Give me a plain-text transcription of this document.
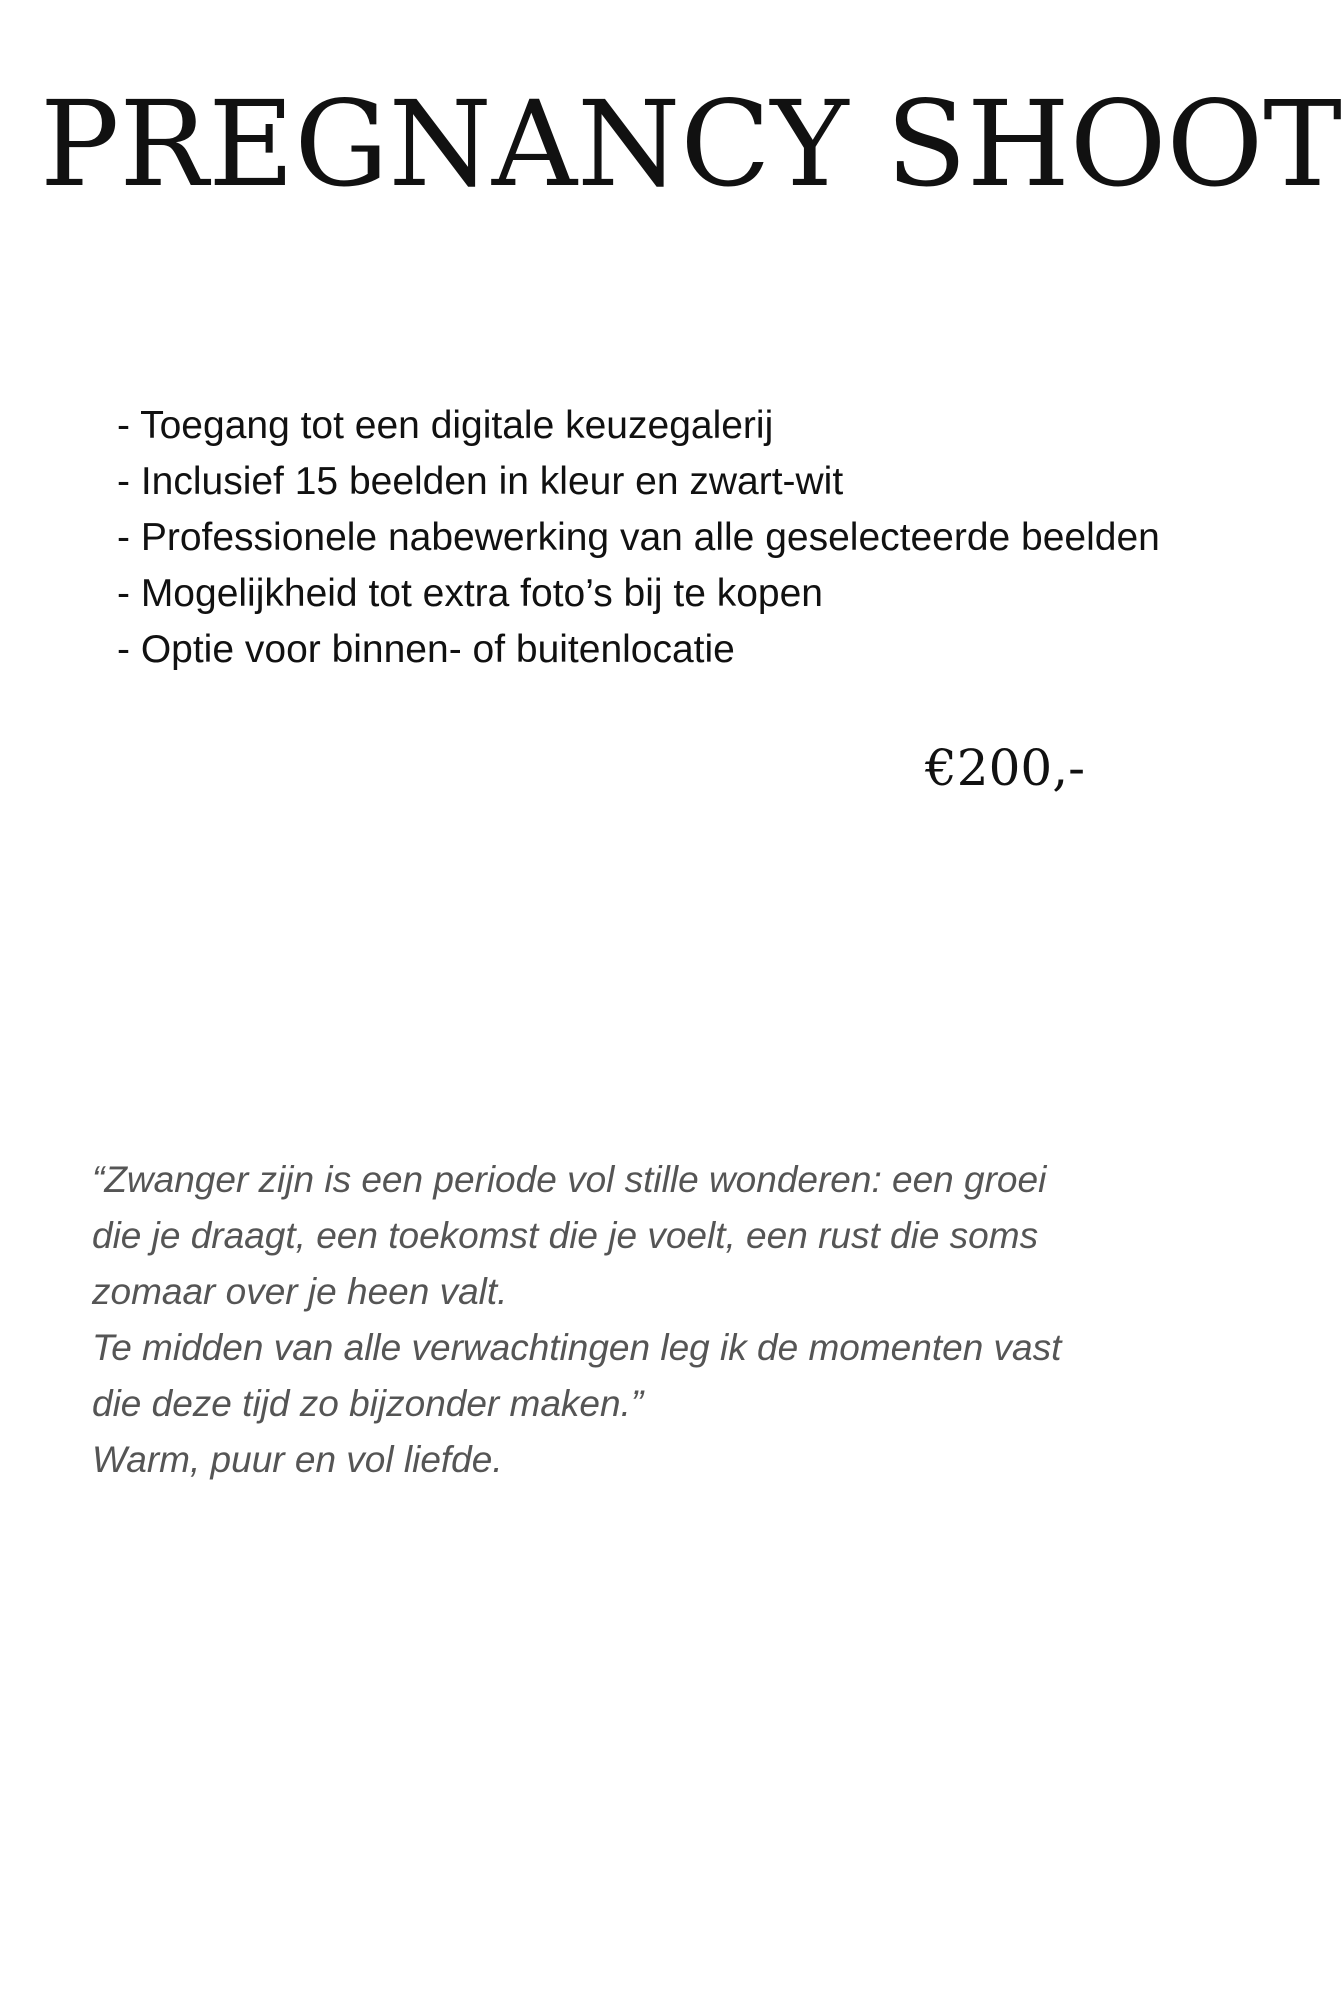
PREGNANCY SHOOT
- Toegang tot een digitale keuzegalerij
- Inclusief 15 beelden in kleur en zwart-wit
- Professionele nabewerking van alle geselecteerde beelden
- Mogelijkheid tot extra foto’s bij te kopen
- Optie voor binnen- of buitenlocatie

€200,-

“Zwanger zijn is een periode vol stille wonderen: een groei
die je draagt, een toekomst die je voelt, een rust die soms
zomaar over je heen valt.
Te midden van alle verwachtingen leg ik de momenten vast
die deze tijd zo bijzonder maken.”
Warm, puur en vol liefde.
